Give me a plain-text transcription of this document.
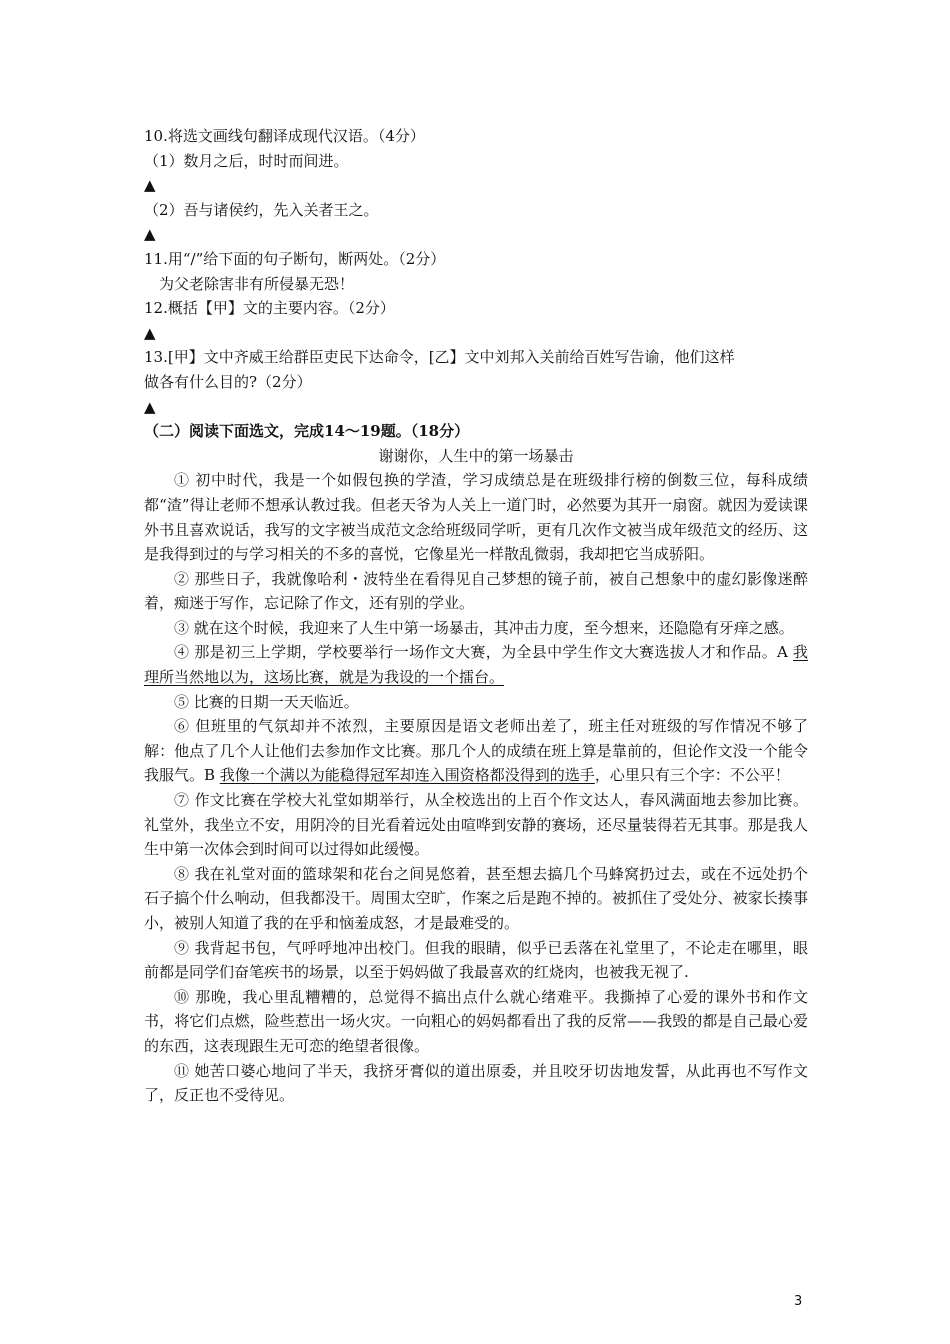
10.将选文画线句翻译成现代汉语。（4分）
（1）数月之后，时时而间进。
▲
（2）吾与诸侯约，先入关者王之。
▲
11.用“/”给下面的句子断句，断两处。（2分）
为父老除害非有所侵暴无恐！
12.概括【甲】文的主要内容。（2分）
▲
13.[甲】文中齐威王给群臣吏民下达命令，[乙】文中刘邦入关前给百姓写告谕，他们这样
做各有什么目的?（2分）
▲
（二）阅读下面选文，完成14～19题。（18分）
谢谢你，人生中的第一场暴击

① 初中时代，我是一个如假包换的学渣，学习成绩总是在班级排行榜的倒数三位，每科成绩都“渣”得让老师不想承认教过我。但老天爷为人关上一道门时，必然要为其开一扇窗。就因为爱读课外书且喜欢说话，我写的文字被当成范文念给班级同学听，更有几次作文被当成年级范文的经历、这是我得到过的与学习相关的不多的喜悦，它像星光一样散乱微弱，我却把它当成骄阳。

② 那些日子，我就像哈利・波特坐在看得见自己梦想的镜子前，被自己想象中的虚幻影像迷醉着，痴迷于写作，忘记除了作文，还有别的学业。

③ 就在这个时候，我迎来了人生中第一场暴击，其冲击力度，至今想来，还隐隐有牙痒之感。

④ 那是初三上学期，学校要举行一场作文大赛，为全县中学生作文大赛选拔人才和作品。A 我理所当然地以为，这场比赛，就是为我设的一个擂台。

⑤ 比赛的日期一天天临近。

⑥ 但班里的气氛却并不浓烈，主要原因是语文老师出差了，班主任对班级的写作情况不够了解：他点了几个人让他们去参加作文比赛。那几个人的成绩在班上算是靠前的，但论作文没一个能令我服气。B 我像一个满以为能稳得冠军却连入围资格都没得到的选手，心里只有三个字：不公平！

⑦ 作文比赛在学校大礼堂如期举行，从全校选出的上百个作文达人，春风满面地去参加比赛。礼堂外，我坐立不安，用阴冷的目光看着远处由喧哗到安静的赛场，还尽量装得若无其事。那是我人生中第一次体会到时间可以过得如此缓慢。

⑧ 我在礼堂对面的篮球架和花台之间晃悠着，甚至想去搞几个马蜂窝扔过去，或在不远处扔个石子搞个什么响动，但我都没干。周围太空旷，作案之后是跑不掉的。被抓住了受处分、被家长揍事小，被别人知道了我的在乎和恼羞成怒，才是最难受的。

⑨ 我背起书包，气呼呼地冲出校门。但我的眼睛，似乎已丢落在礼堂里了，不论走在哪里，眼前都是同学们奋笔疾书的场景，以至于妈妈做了我最喜欢的红烧肉，也被我无视了.

⑩ 那晚，我心里乱糟糟的，总觉得不搞出点什么就心绪难平。我撕掉了心爱的课外书和作文书，将它们点燃，险些惹出一场火灾。一向粗心的妈妈都看出了我的反常——我毁的都是自己最心爱的东西，这表现跟生无可恋的绝望者很像。

⑪ 她苦口婆心地问了半天，我挤牙膏似的道出原委，并且咬牙切齿地发誓，从此再也不写作文了，反正也不受待见。

3
